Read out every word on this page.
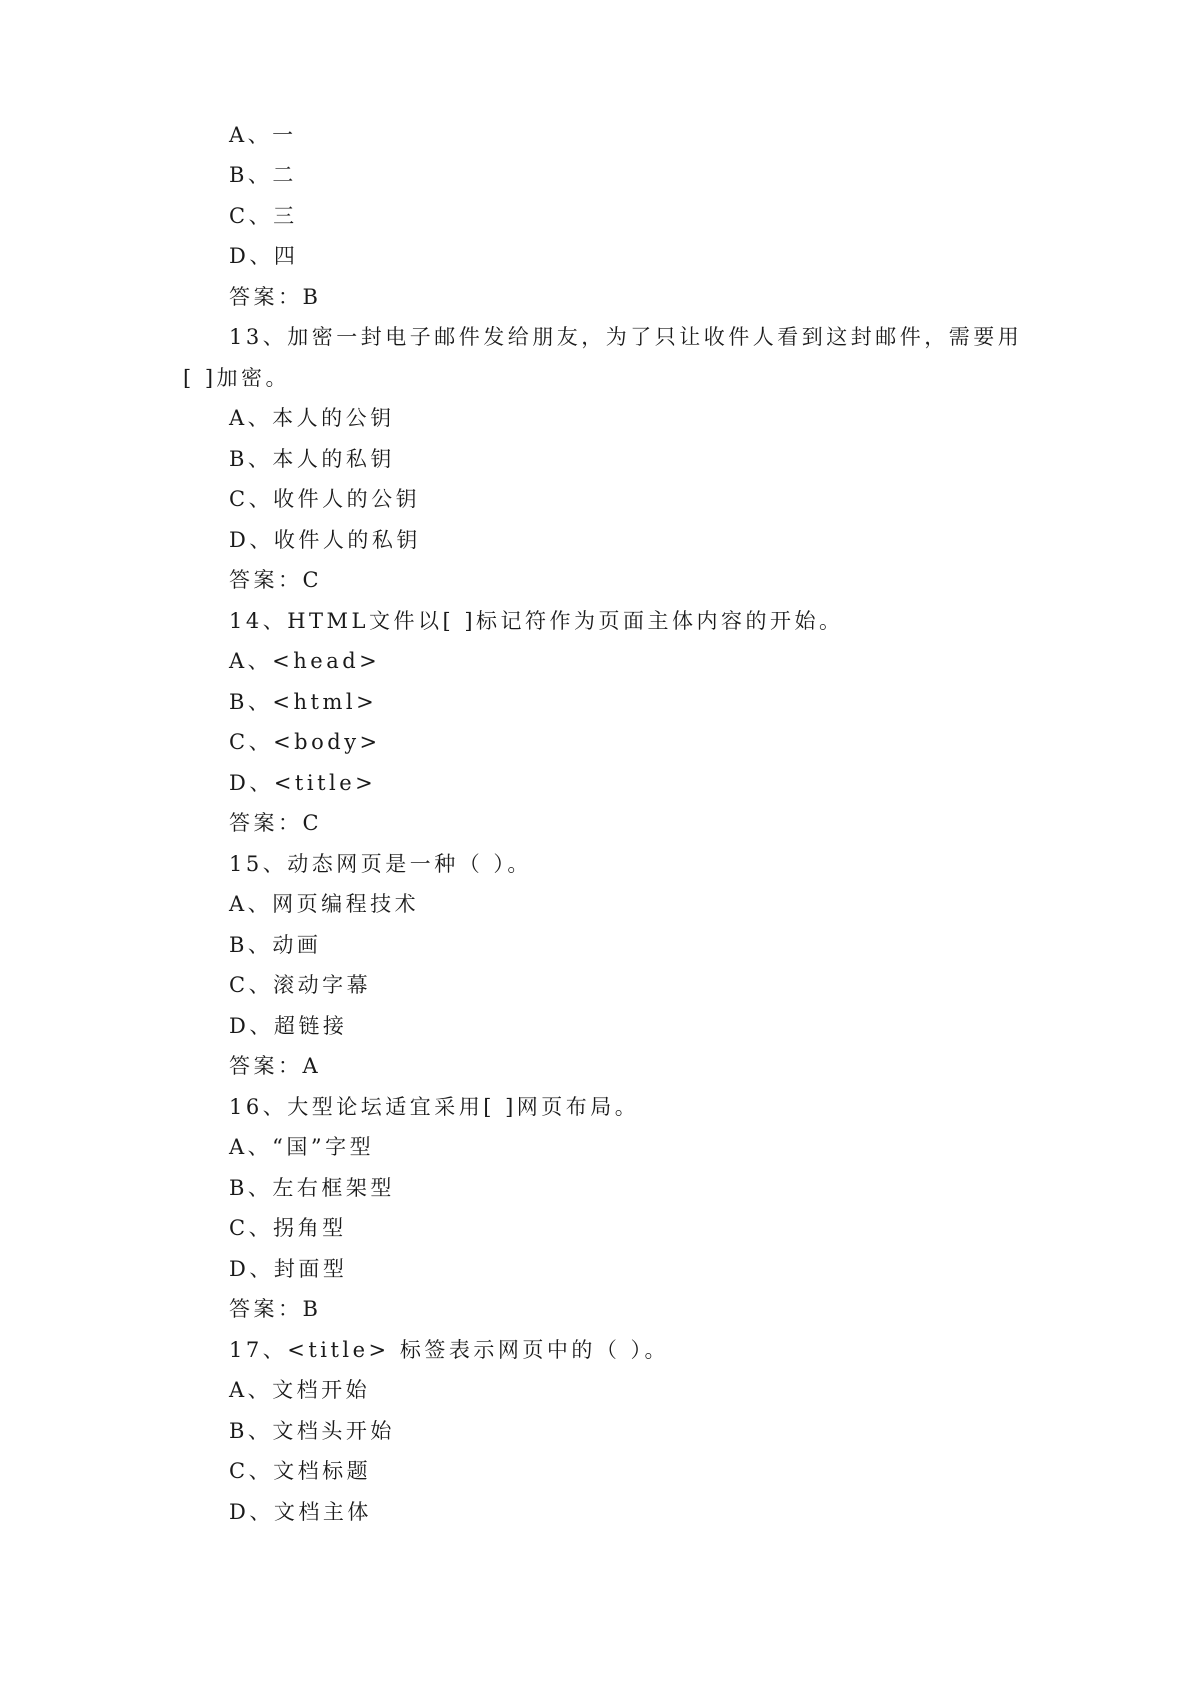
A、一
B、二
C、三
D、四
答案：B
13、加密一封电子邮件发给朋友，为了只让收件人看到这封邮件，需要用
[ ]加密。
A、本人的公钥
B、本人的私钥
C、收件人的公钥
D、收件人的私钥
答案：C
14、HTML文件以[ ]标记符作为页面主体内容的开始。
A、<head>
B、<html>
C、<body>
D、<title>
答案：C
15、动态网页是一种（ ）。
A、网页编程技术
B、动画
C、滚动字幕
D、超链接
答案：A
16、大型论坛适宜采用[ ]网页布局。
A、“国”字型
B、左右框架型
C、拐角型
D、封面型
答案：B
17、<title> 标签表示网页中的（ ）。
A、文档开始
B、文档头开始
C、文档标题
D、文档主体
